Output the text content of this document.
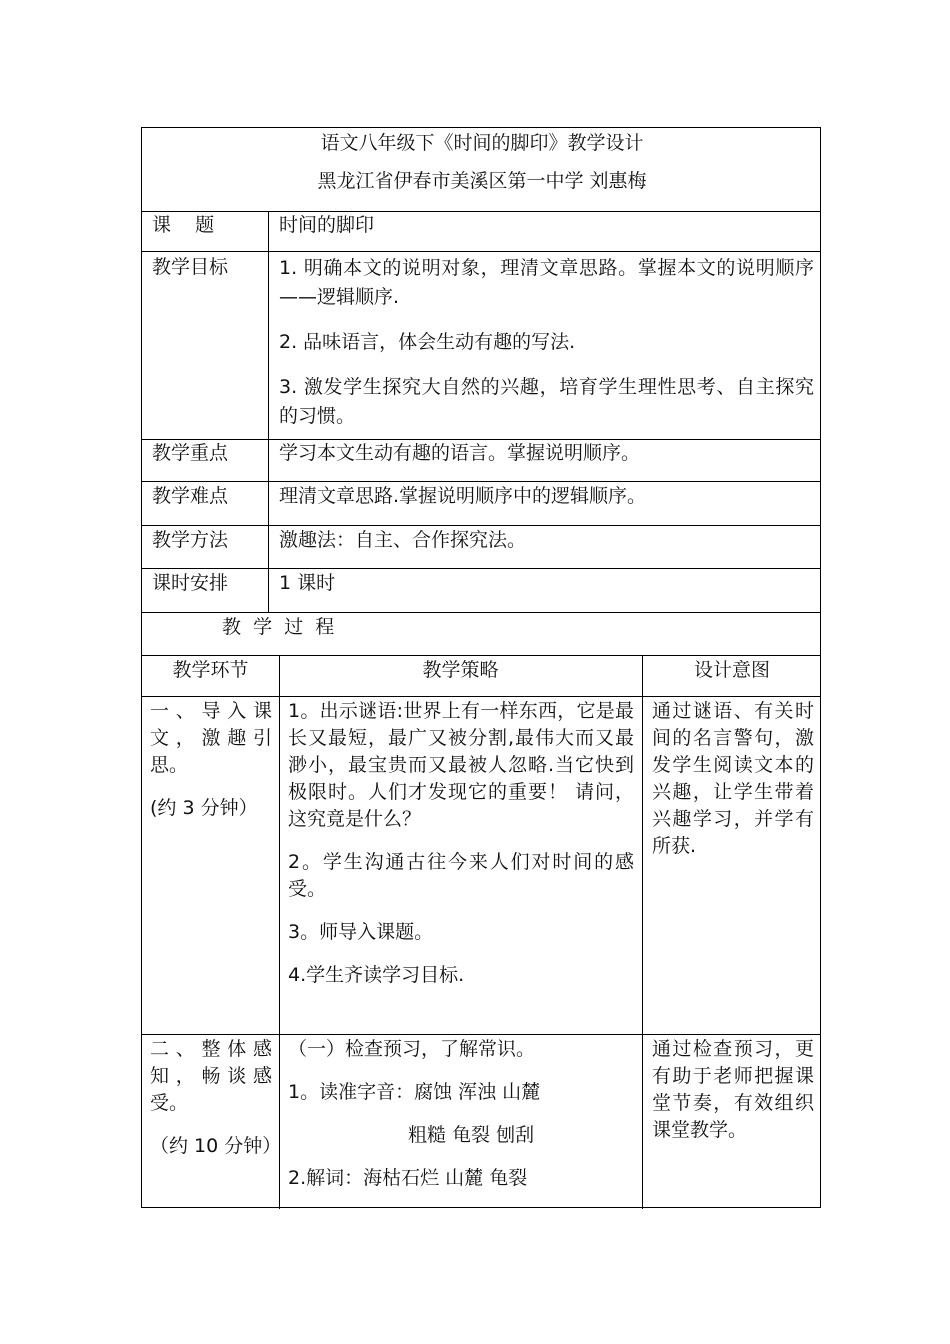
语文八年级下《时间的脚印》教学设计
黑龙江省伊春市美溪区第一中学 刘惠梅
课    题
教学目标
教学重点
教学难点
教学方法
课时安排
时间的脚印

1. 明确本文的说明对象，理清文章思路。掌握本文的说明顺序——逻辑顺序.

2. 品味语言，体会生动有趣的写法.

3. 激发学生探究大自然的兴趣，培育学生理性思考、自主探究的习惯。

学习本文生动有趣的语言。掌握说明顺序。
理清文章思路.掌握说明顺序中的逻辑顺序。
激趣法：自主、合作探究法。
1 课时
教  学  过  程
教学环节	教学策略	设计意图

一、导入课文，激趣引思。

(约 3 分钟）

1。出示谜语:世界上有一样东西，它是最长又最短，最广又被分割,最伟大而又最渺小，最宝贵而又最被人忽略.当它快到极限时。人们才发现它的重要！ 请问，这究竟是什么？

2。学生沟通古往今来人们对时间的感受。

3。师导入课题。

4.学生齐读学习目标.

通过谜语、有关时间的名言警句，激发学生阅读文本的兴趣，让学生带着兴趣学习，并学有所获.

二、整体感知，畅谈感受。

（约 10 分钟）

（一）检查预习，了解常识。

1。读准字音：腐蚀 浑浊 山麓

粗糙 龟裂 刨刮

2.解词：海枯石烂 山麓 龟裂

通过检查预习，更有助于老师把握课堂节奏，有效组织课堂教学。
